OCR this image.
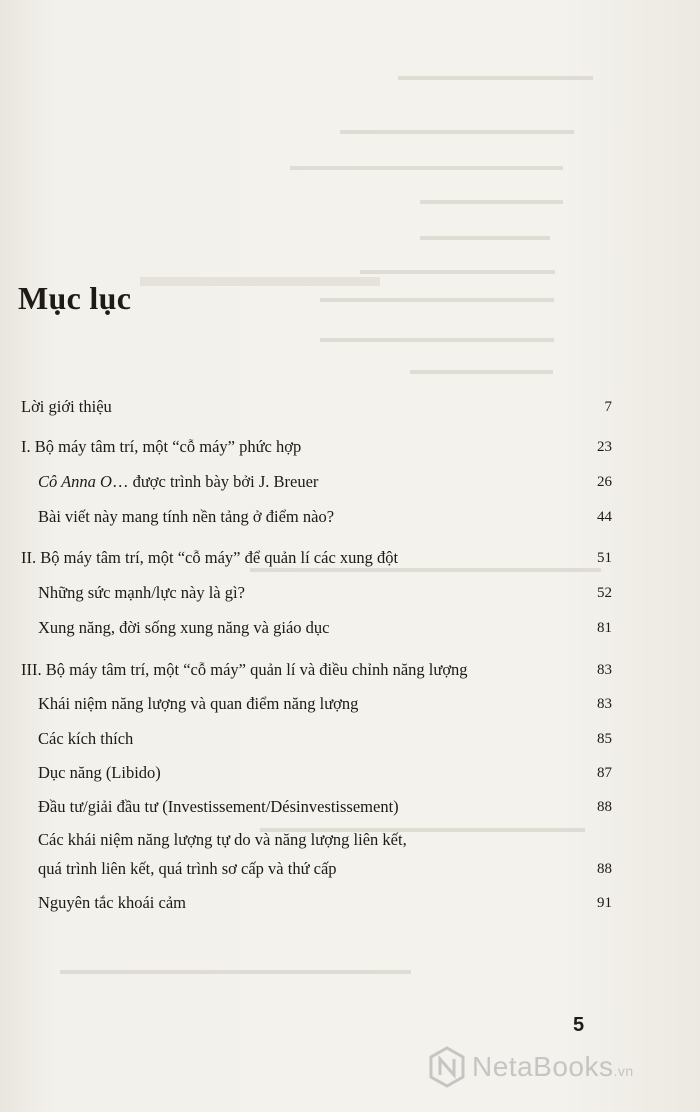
▬▬▬▬▬▬▬▬▬▬▬▬▬▬▬
▬▬▬▬▬▬▬▬▬▬▬▬▬▬▬▬▬▬
▬▬▬▬▬▬▬▬▬▬▬▬▬▬▬▬▬▬▬▬▬
▬▬▬▬▬▬▬▬▬▬▬
▬▬▬▬▬▬▬▬▬▬
▬▬▬▬▬▬▬▬▬▬▬▬▬▬▬
▬▬▬▬▬▬▬▬▬▬▬▬▬▬▬▬▬▬
▬▬▬▬▬▬▬▬
▬▬▬▬▬▬▬▬▬▬▬▬▬▬▬▬▬▬
▬▬▬▬▬▬▬▬▬▬▬
▬▬▬▬▬▬▬▬▬▬▬▬▬▬▬▬▬▬▬▬▬▬▬▬▬▬▬
▬▬▬▬▬▬▬▬▬▬▬▬▬▬▬▬▬▬▬▬▬▬▬▬▬
▬▬▬▬▬▬▬▬▬▬▬▬▬▬▬▬▬▬▬▬▬▬▬▬▬▬▬
Mục lục
Lời giới thiệu	7
I. Bộ máy tâm trí, một “cỗ máy” phức hợp	23
Cô Anna O… được trình bày bởi J. Breuer	26
Bài viết này mang tính nền tảng ở điểm nào?	44
II. Bộ máy tâm trí, một “cỗ máy” để quản lí các xung đột	51
Những sức mạnh/lực này là gì?	52
Xung năng, đời sống xung năng và giáo dục	81
III. Bộ máy tâm trí, một “cỗ máy” quản lí và điều chỉnh năng lượng	83
Khái niệm năng lượng và quan điểm năng lượng	83
Các kích thích	85
Dục năng (Libido)	87
Đầu tư/giải đầu tư (Investissement/Désinvestissement)	88
Các khái niệm năng lượng tự do và năng lượng liên kết,
quá trình liên kết, quá trình sơ cấp và thứ cấp	88
Nguyên tắc khoái cảm	91
5
NetaBooks.vn
